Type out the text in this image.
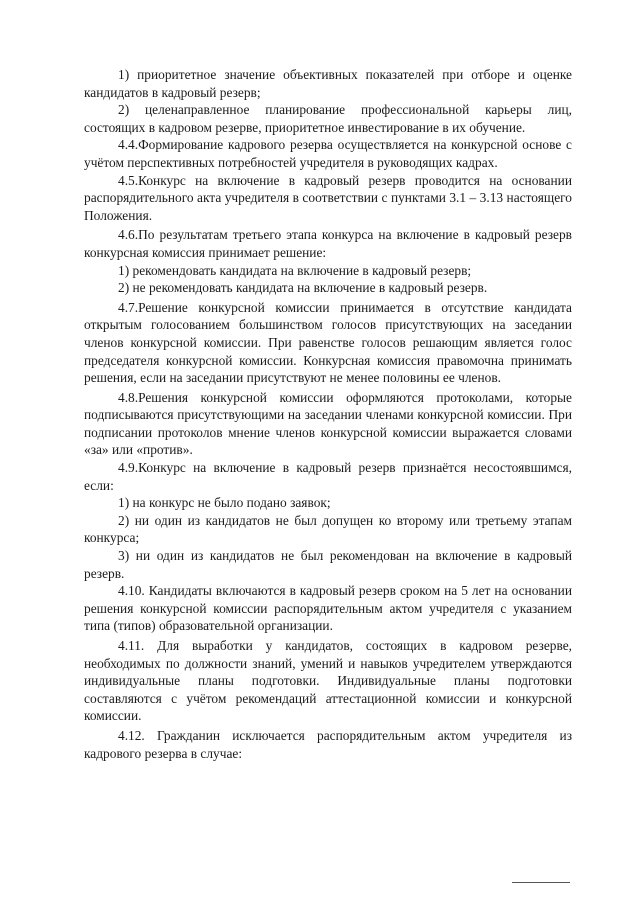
1) приоритетное значение объективных показателей при отборе и оценке кандидатов в кадровый резерв;

2) целенаправленное планирование профессиональной карьеры лиц, состоящих в кадровом резерве, приоритетное инвестирование в их обучение.

4.4.Формирование кадрового резерва осуществляется на конкурсной основе с учётом перспективных потребностей учредителя в руководящих кадрах.

4.5.Конкурс на включение в кадровый резерв проводится на основании распорядительного акта учредителя в соответствии с пунктами 3.1 – 3.13 настоящего Положения.

4.6.По результатам третьего этапа конкурса на включение в кадровый резерв конкурсная комиссия принимает решение:

1) рекомендовать кандидата на включение в кадровый резерв;

2) не рекомендовать кандидата на включение в кадровый резерв.

4.7.Решение конкурсной комиссии принимается в отсутствие кандидата открытым голосованием большинством голосов присутствующих на заседании членов конкурсной комиссии. При равенстве голосов решающим является голос председателя конкурсной комиссии. Конкурсная комиссия правомочна принимать решения, если на заседании присутствуют не менее половины ее членов.

4.8.Решения конкурсной комиссии оформляются протоколами, которые подписываются присутствующими на заседании членами конкурсной комиссии. При подписании протоколов мнение членов конкурсной комиссии выражается словами «за» или «против».

4.9.Конкурс на включение в кадровый резерв признаётся несостоявшимся, если:

1) на конкурс не было подано заявок;

2) ни один из кандидатов не был допущен ко второму или третьему этапам конкурса;

3) ни один из кандидатов не был рекомендован на включение в кадровый резерв.

4.10. Кандидаты включаются в кадровый резерв сроком на 5 лет на основании решения конкурсной комиссии распорядительным актом учредителя с указанием типа (типов) образовательной организации.

4.11. Для выработки у кандидатов, состоящих в кадровом резерве, необходимых по должности знаний, умений и навыков учредителем утверждаются индивидуальные планы подготовки. Индивидуальные планы подготовки составляются с учётом рекомендаций аттестационной комиссии и конкурсной комиссии.

4.12. Гражданин исключается распорядительным актом учредителя из кадрового резерва в случае:
